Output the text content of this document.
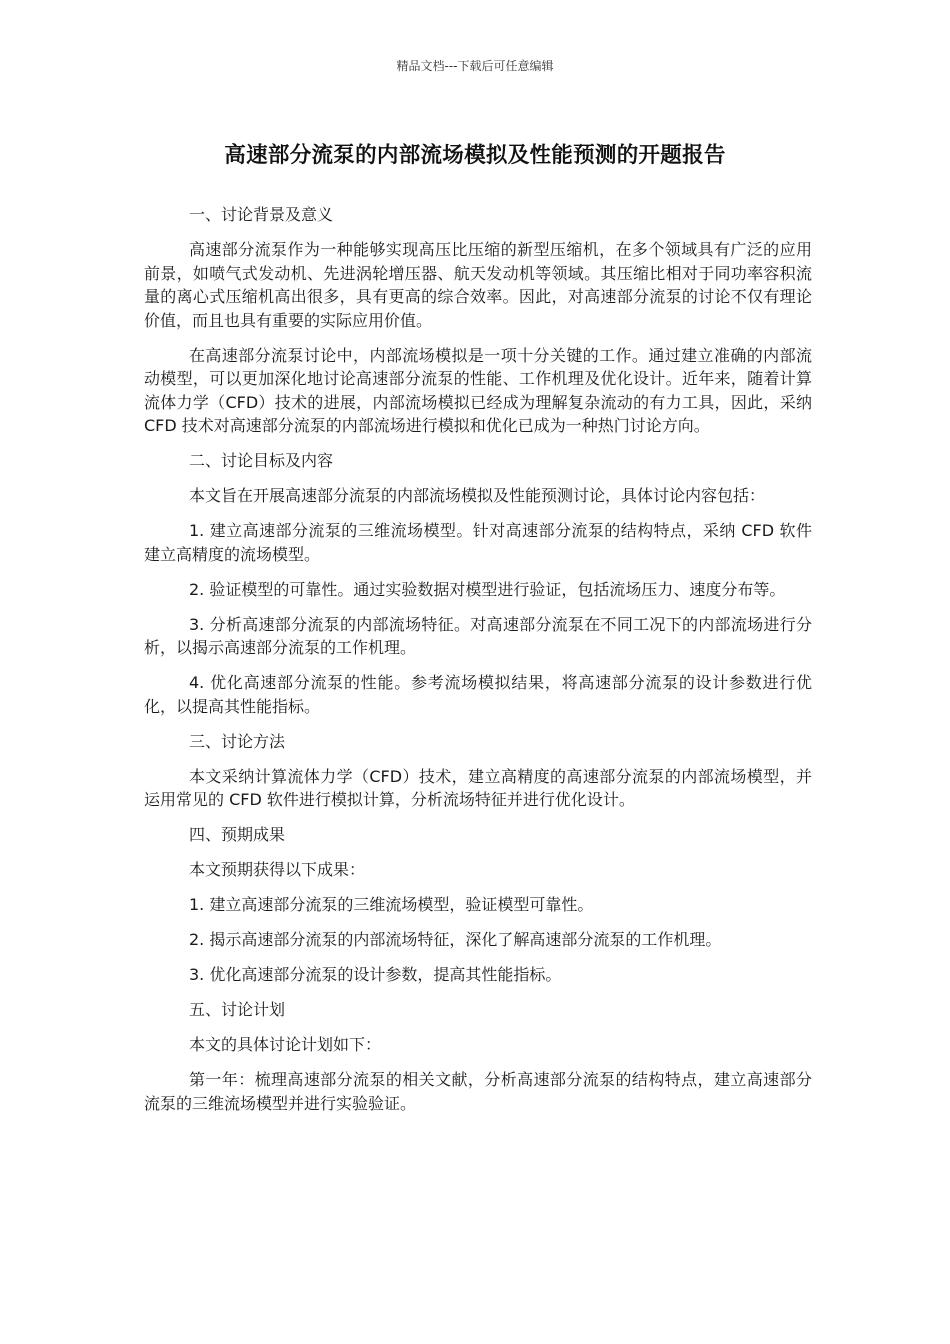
精品文档---下载后可任意编辑
高速部分流泵的内部流场模拟及性能预测的开题报告

一、讨论背景及意义

高速部分流泵作为一种能够实现高压比压缩的新型压缩机，在多个领域具有广泛的应用前景，如喷气式发动机、先进涡轮增压器、航天发动机等领域。其压缩比相对于同功率容积流量的离心式压缩机高出很多，具有更高的综合效率。因此，对高速部分流泵的讨论不仅有理论价值，而且也具有重要的实际应用价值。

在高速部分流泵讨论中，内部流场模拟是一项十分关键的工作。通过建立准确的内部流动模型，可以更加深化地讨论高速部分流泵的性能、工作机理及优化设计。近年来，随着计算流体力学（CFD）技术的进展，内部流场模拟已经成为理解复杂流动的有力工具，因此，采纳 CFD 技术对高速部分流泵的内部流场进行模拟和优化已成为一种热门讨论方向。

二、讨论目标及内容

本文旨在开展高速部分流泵的内部流场模拟及性能预测讨论，具体讨论内容包括：

1. 建立高速部分流泵的三维流场模型。针对高速部分流泵的结构特点，采纳 CFD 软件建立高精度的流场模型。

2. 验证模型的可靠性。通过实验数据对模型进行验证，包括流场压力、速度分布等。

3. 分析高速部分流泵的内部流场特征。对高速部分流泵在不同工况下的内部流场进行分析，以揭示高速部分流泵的工作机理。

4. 优化高速部分流泵的性能。参考流场模拟结果，将高速部分流泵的设计参数进行优化，以提高其性能指标。

三、讨论方法

本文采纳计算流体力学（CFD）技术，建立高精度的高速部分流泵的内部流场模型，并运用常见的 CFD 软件进行模拟计算，分析流场特征并进行优化设计。

四、预期成果

本文预期获得以下成果：

1. 建立高速部分流泵的三维流场模型，验证模型可靠性。

2. 揭示高速部分流泵的内部流场特征，深化了解高速部分流泵的工作机理。

3. 优化高速部分流泵的设计参数，提高其性能指标。

五、讨论计划

本文的具体讨论计划如下：

第一年：梳理高速部分流泵的相关文献，分析高速部分流泵的结构特点，建立高速部分流泵的三维流场模型并进行实验验证。
